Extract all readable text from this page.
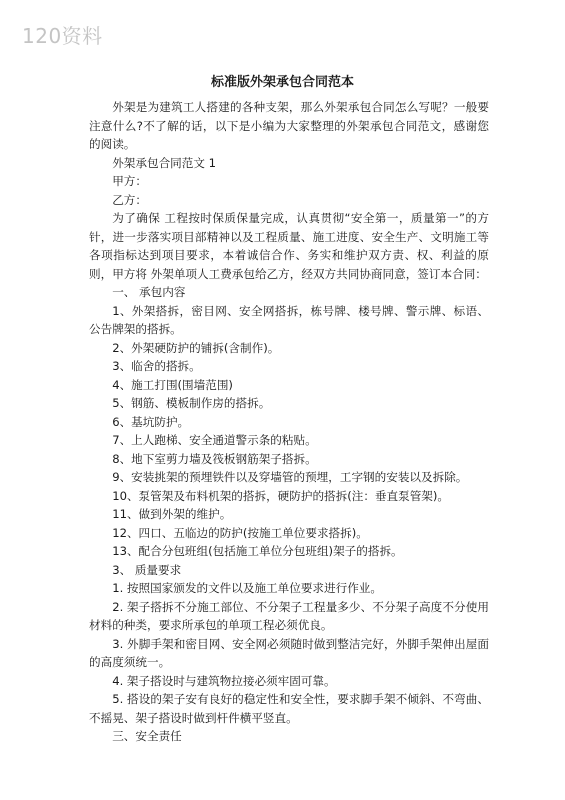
120资料
标准版外架承包合同范本

外架是为建筑工人搭建的各种支架，那么外架承包合同怎么写呢？一般要注意什么?不了解的话，以下是小编为大家整理的外架承包合同范文，感谢您的阅读。

外架承包合同范文 1

甲方：

乙方：

为了确保 工程按时保质保量完成，认真贯彻“安全第一，质量第一”的方针，进一步落实项目部精神以及工程质量、施工进度、安全生产、文明施工等各项指标达到项目要求，本着诚信合作、务实和维护双方责、权、利益的原则，甲方将 外架单项人工费承包给乙方，经双方共同协商同意，签订本合同：

一、 承包内容

1、外架搭拆，密目网、安全网搭拆，栋号牌、楼号牌、警示牌、标语、公告牌架的搭拆。

2、外架硬防护的铺拆(含制作)。

3、临舍的搭拆。

4、施工打围(围墙范围)

5、钢筋、模板制作房的搭拆。

6、基坑防护。

7、上人跑梯、安全通道警示条的粘贴。

8、地下室剪力墙及筏板钢筋架子搭拆。

9、安装挑架的预埋铁件以及穿墙管的预埋，工字钢的安装以及拆除。

10、泵管架及布料机架的搭拆，硬防护的搭拆(注：垂直泵管架)。

11、做到外架的维护。

12、四口、五临边的防护(按施工单位要求搭拆)。

13、配合分包班组(包括施工单位分包班组)架子的搭拆。

3、 质量要求

1. 按照国家颁发的文件以及施工单位要求进行作业。

2. 架子搭拆不分施工部位、不分架子工程量多少、不分架子高度不分使用材料的种类，要求所承包的单项工程必须优良。

3. 外脚手架和密目网、安全网必须随时做到整洁完好，外脚手架伸出屋面的高度须统一。

4. 架子搭设时与建筑物拉接必须牢固可靠。

5. 搭设的架子安有良好的稳定性和安全性，要求脚手架不倾斜、不弯曲、不摇晃、架子搭设时做到杆件横平竖直。

三、安全责任
